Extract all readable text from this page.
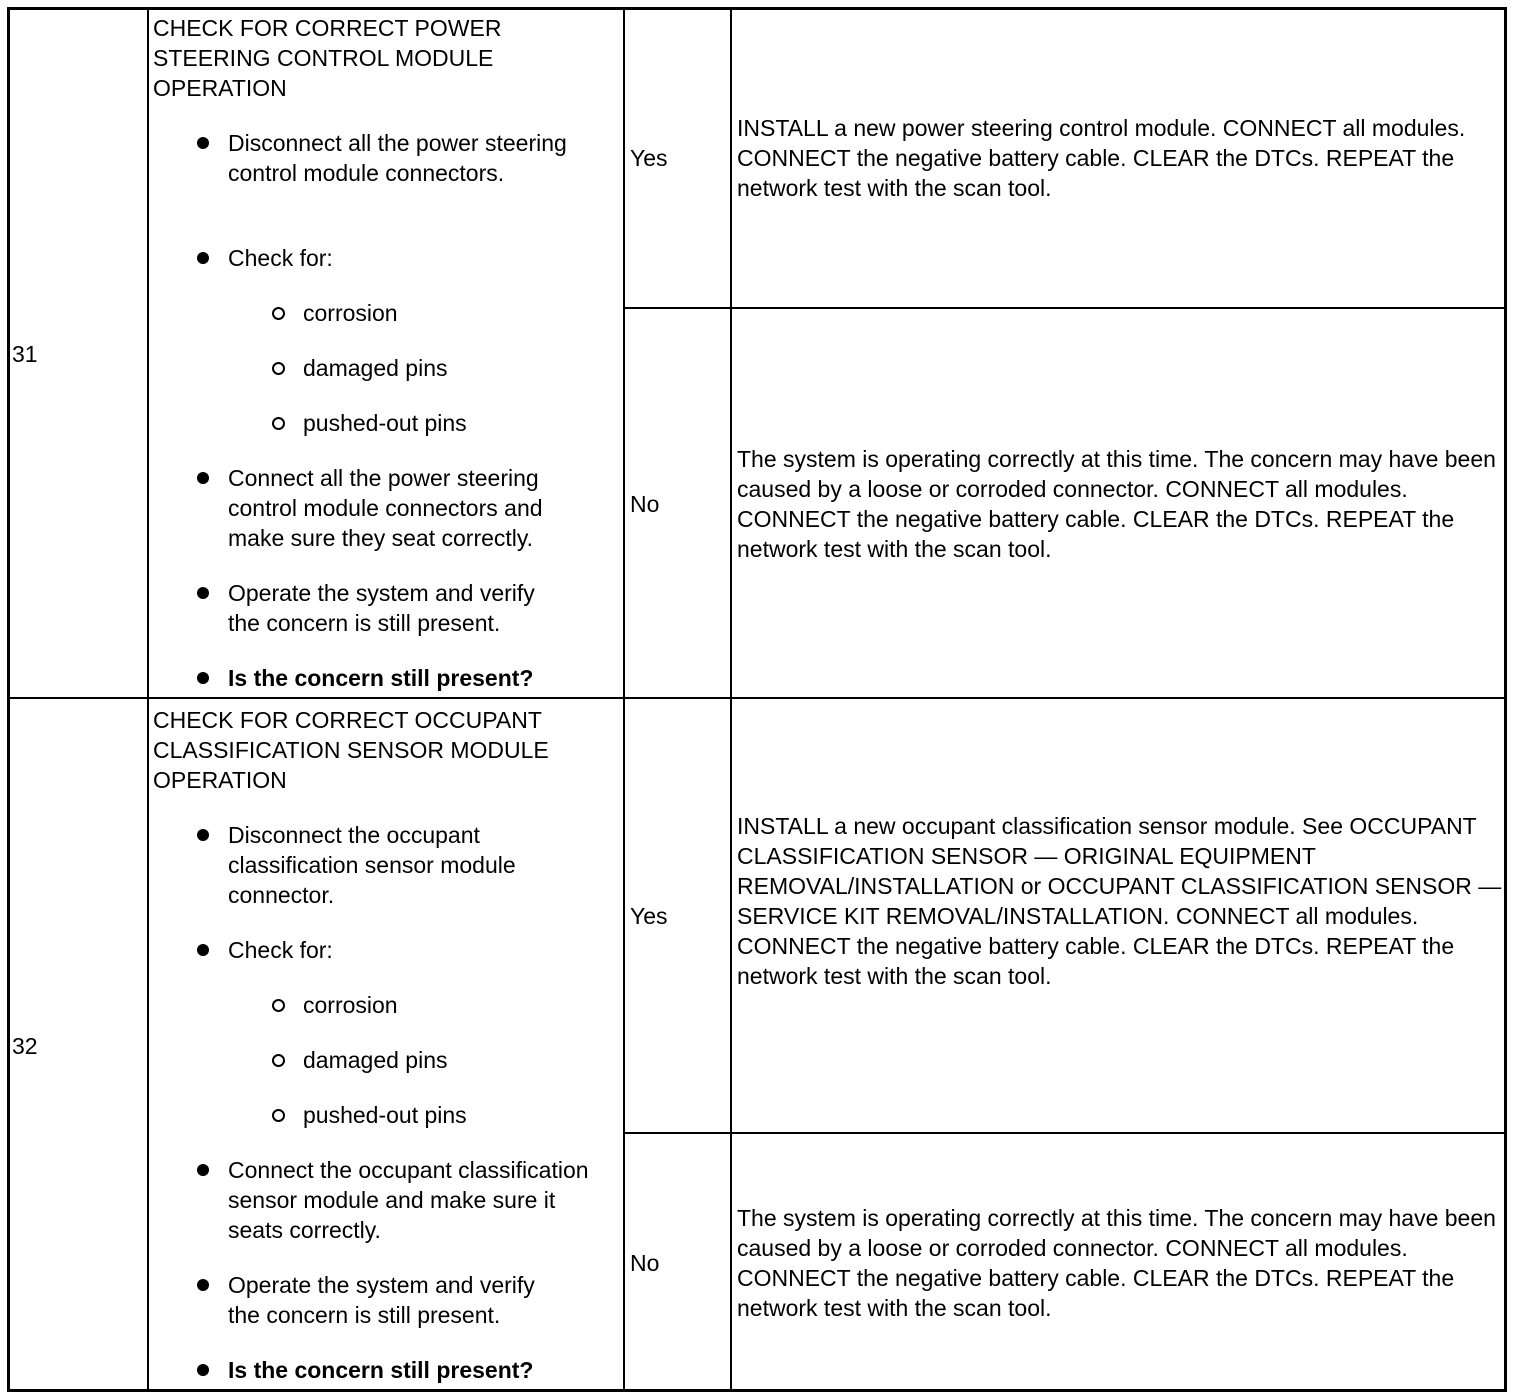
31
CHECK FOR CORRECT POWER STEERING CONTROL MODULE OPERATION
Disconnect all the power steering control module connectors.
Check for:
corrosion
damaged pins
pushed-out pins
Connect all the power steering control module connectors and make sure they seat correctly.
Operate the system and verify the concern is still present.
Is the concern still present?
Yes
INSTALL a new power steering control module. CONNECT all modules. CONNECT the negative battery cable. CLEAR the DTCs. REPEAT the network test with the scan tool.
No
The system is operating correctly at this time. The concern may have been caused by a loose or corroded connector. CONNECT all modules. CONNECT the negative battery cable. CLEAR the DTCs. REPEAT the network test with the scan tool.
32
CHECK FOR CORRECT OCCUPANT CLASSIFICATION SENSOR MODULE OPERATION
Disconnect the occupant classification sensor module connector.
Check for:
corrosion
damaged pins
pushed-out pins
Connect the occupant classification sensor module and make sure it seats correctly.
Operate the system and verify the concern is still present.
Is the concern still present?
Yes
INSTALL a new occupant classification sensor module. See OCCUPANT CLASSIFICATION SENSOR — ORIGINAL EQUIPMENT REMOVAL/INSTALLATION or OCCUPANT CLASSIFICATION SENSOR — SERVICE KIT REMOVAL/INSTALLATION. CONNECT all modules. CONNECT the negative battery cable. CLEAR the DTCs. REPEAT the network test with the scan tool.
No
The system is operating correctly at this time. The concern may have been caused by a loose or corroded connector. CONNECT all modules. CONNECT the negative battery cable. CLEAR the DTCs. REPEAT the network test with the scan tool.
